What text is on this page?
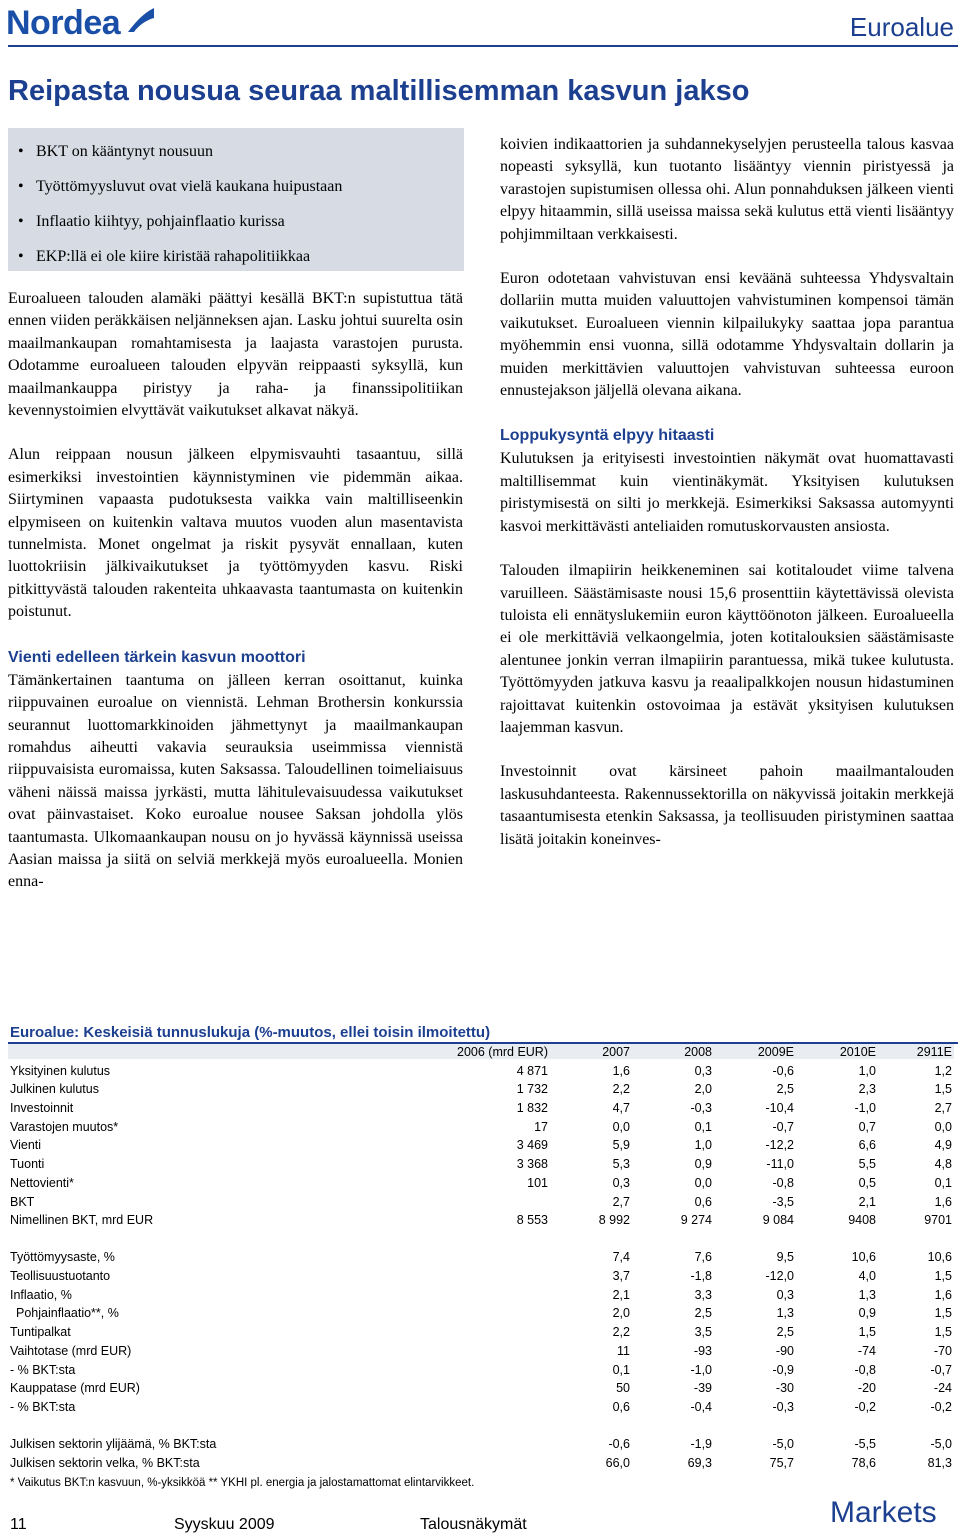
Nordea	Euroalue
Reipasta nousua seuraa maltillisemman kasvun jakso
• BKT on kääntynyt nousuun
• Työttömyysluvut ovat vielä kaukana huipustaan
• Inflaatio kiihtyy, pohjainflaatio kurissa
• EKP:llä ei ole kiire kiristää rahapolitiikkaa

Euroalueen talouden alamäki päättyi kesällä BKT:n supistuttua tätä ennen viiden peräkkäisen neljänneksen ajan. Lasku johtui suurelta osin maailmankaupan romahtamisesta ja laajasta varastojen purusta. Odotamme euroalueen talouden elpyvän reippaasti syksyllä, kun maailmankauppa piristyy ja raha- ja finanssipolitiikan kevennystoimien elvyttävät vaikutukset alkavat näkyä.

Alun reippaan nousun jälkeen elpymisvauhti tasaantuu, sillä esimerkiksi investointien käynnistyminen vie pidemmän aikaa. Siirtyminen vapaasta pudotuksesta vaikka vain maltilliseenkin elpymiseen on kuitenkin valtava muutos vuoden alun masentavista tunnelmista. Monet ongelmat ja riskit pysyvät ennallaan, kuten luottokriisin jälkivaikutukset ja työttömyyden kasvu. Riski pitkittyvästä talouden rakenteita uhkaavasta taantumasta on kuitenkin poistunut.

Vienti edelleen tärkein kasvun moottori

Tämänkertainen taantuma on jälleen kerran osoittanut, kuinka riippuvainen euroalue on viennistä. Lehman Brothersin konkurssia seurannut luottomarkkinoiden jähmettynyt ja maailmankaupan romahdus aiheutti vakavia seurauksia useimmissa viennistä riippuvaisista euromaissa, kuten Saksassa. Taloudellinen toimeliaisuus väheni näissä maissa jyrkästi, mutta lähitulevaisuudessa vaikutukset ovat päinvastaiset. Koko euroalue nousee Saksan johdolla ylös taantumasta. Ulkomaankaupan nousu on jo hyvässä käynnissä useissa Aasian maissa ja siitä on selviä merkkejä myös euroalueella. Monien enna-

koivien indikaattorien ja suhdannekyselyjen perusteella talous kasvaa nopeasti syksyllä, kun tuotanto lisääntyy viennin piristyessä ja varastojen supistumisen ollessa ohi. Alun ponnahduksen jälkeen vienti elpyy hitaammin, sillä useissa maissa sekä kulutus että vienti lisääntyy pohjimmiltaan verkkaisesti.

Euron odotetaan vahvistuvan ensi keväänä suhteessa Yhdysvaltain dollariin mutta muiden valuuttojen vahvistuminen kompensoi tämän vaikutukset. Euroalueen viennin kilpailukyky saattaa jopa parantua myöhemmin ensi vuonna, sillä odotamme Yhdysvaltain dollarin ja muiden merkittävien valuuttojen vahvistuvan suhteessa euroon ennustejakson jäljellä olevana aikana.

Loppukysyntä elpyy hitaasti

Kulutuksen ja erityisesti investointien näkymät ovat huomattavasti maltillisemmat kuin vientinäkymät. Yksityisen kulutuksen piristymisestä on silti jo merkkejä. Esimerkiksi Saksassa automyynti kasvoi merkittävästi anteliaiden romutuskorvausten ansiosta.

Talouden ilmapiirin heikkeneminen sai kotitaloudet viime talvena varuilleen. Säästämisaste nousi 15,6 prosenttiin käytettävissä olevista tuloista eli ennätyslukemiin euron käyttöönoton jälkeen. Euroalueella ei ole merkittäviä velkaongelmia, joten kotitalouksien säästämisaste alentunee jonkin verran ilmapiirin parantuessa, mikä tukee kulutusta. Työttömyyden jatkuva kasvu ja reaalipalkkojen nousun hidastuminen rajoittavat kuitenkin ostovoimaa ja estävät yksityisen kulutuksen laajemman kasvun.

Investoinnit ovat kärsineet pahoin maailmantalouden laskusuhdanteesta. Rakennussektorilla on näkyvissä joitakin merkkejä tasaantumisesta etenkin Saksassa, ja teollisuuden piristyminen saattaa lisätä joitakin koneinves-

Euroalue: Keskeisiä tunnuslukuja (%-muutos, ellei toisin ilmoitettu)
	2006 (mrd EUR)	2007	2008	2009E	2010E	2911E
Yksityinen kulutus	4 871	1,6	0,3	-0,6	1,0	1,2
Julkinen kulutus	1 732	2,2	2,0	2,5	2,3	1,5
Investoinnit	1 832	4,7	-0,3	-10,4	-1,0	2,7
Varastojen muutos*	17	0,0	0,1	-0,7	0,7	0,0
Vienti	3 469	5,9	1,0	-12,2	6,6	4,9
Tuonti	3 368	5,3	0,9	-11,0	5,5	4,8
Nettovienti*	101	0,3	0,0	-0,8	0,5	0,1
BKT		2,7	0,6	-3,5	2,1	1,6
Nimellinen BKT, mrd EUR	8 553	8 992	9 274	9 084	9408	9701

Työttömyysaste, %		7,4	7,6	9,5	10,6	10,6
Teollisuustuotanto		3,7	-1,8	-12,0	4,0	1,5
Inflaatio, %		2,1	3,3	0,3	1,3	1,6
Pohjainflaatio**, %		2,0	2,5	1,3	0,9	1,5
Tuntipalkat		2,2	3,5	2,5	1,5	1,5
Vaihtotase (mrd EUR)		11	-93	-90	-74	-70
- % BKT:sta		0,1	-1,0	-0,9	-0,8	-0,7
Kauppatase (mrd EUR)		50	-39	-30	-20	-24
- % BKT:sta		0,6	-0,4	-0,3	-0,2	-0,2

Julkisen sektorin ylijäämä, % BKT:sta		-0,6	-1,9	-5,0	-5,5	-5,0
Julkisen sektorin velka, % BKT:sta		66,0	69,3	75,7	78,6	81,3
* Vaikutus BKT:n kasvuun, %-yksikköä ** YKHI pl. energia ja jalostamattomat elintarvikkeet.
11	Syyskuu 2009	Talousnäkymät	Markets
